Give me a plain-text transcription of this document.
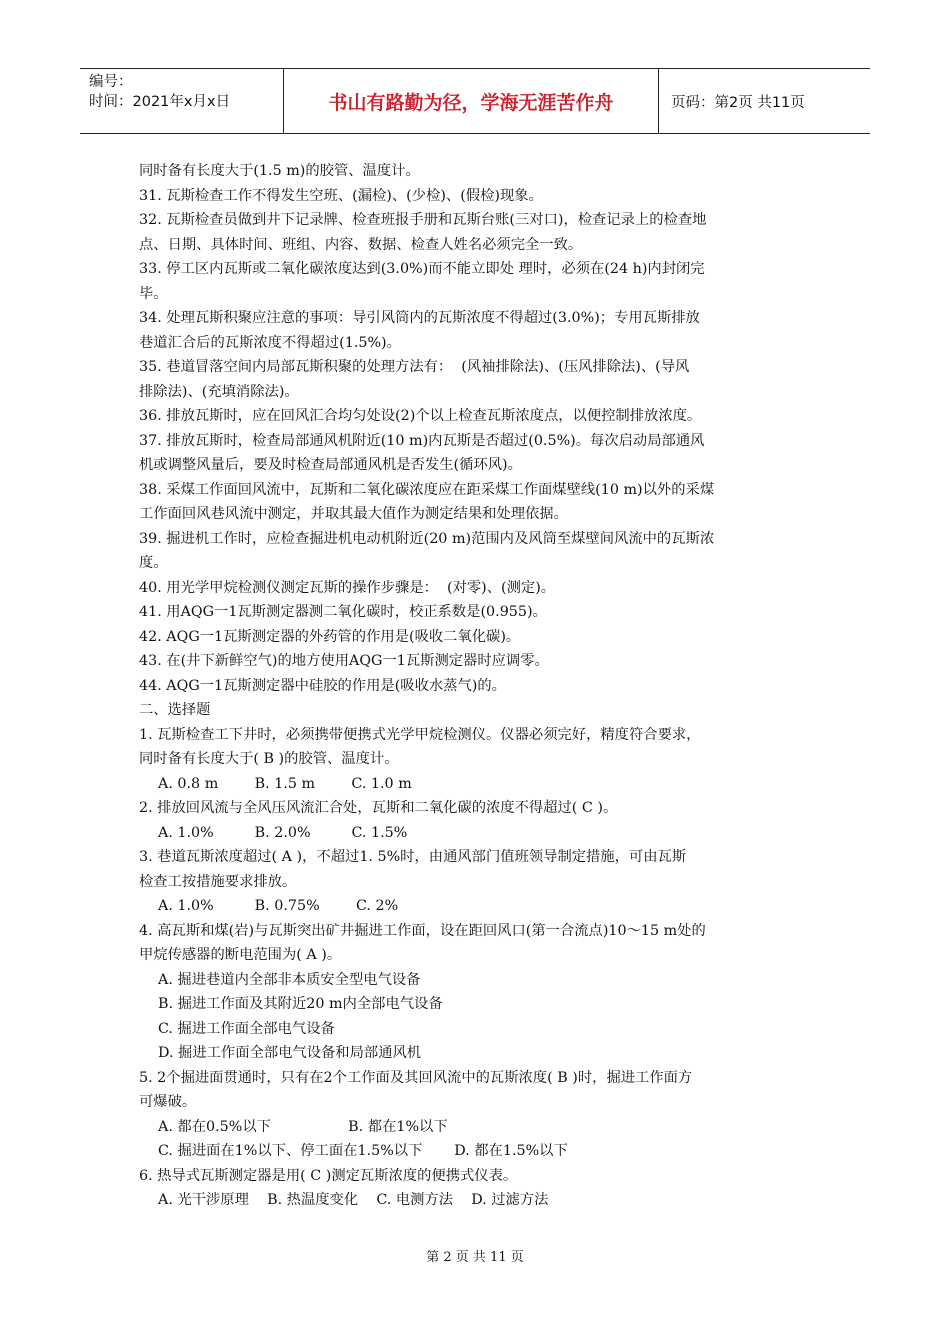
编号：
时间：2021年x月x日	书山有路勤为径，学海无涯苦作舟	页码：第2页 共11页
同时备有长度大于(1.5 m)的胶管、温度计。
31. 瓦斯检查工作不得发生空班、(漏检)、(少检)、(假检)现象。
32. 瓦斯检查员做到井下记录牌、检查班报手册和瓦斯台账(三对口)，检查记录上的检查地
点、日期、具体时间、班组、内容、数据、检查人姓名必须完全一致。
33. 停工区内瓦斯或二氧化碳浓度达到(3.0%)而不能立即处 理时，必须在(24 h)内封闭完
毕。
34. 处理瓦斯积聚应注意的事项：导引风筒内的瓦斯浓度不得超过(3.0%)；专用瓦斯排放
巷道汇合后的瓦斯浓度不得超过(1.5%)。
35. 巷道冒落空间内局部瓦斯积聚的处理方法有：  (风袖排除法)、(压风排除法)、(导风
排除法)、(充填消除法)。
36. 排放瓦斯时，应在回风汇合均匀处设(2)个以上检查瓦斯浓度点，以便控制排放浓度。
37. 排放瓦斯时，检查局部通风机附近(10 m)内瓦斯是否超过(0.5%)。每次启动局部通风
机或调整风量后，要及时检查局部通风机是否发生(循环风)。
38. 采煤工作面回风流中，瓦斯和二氧化碳浓度应在距采煤工作面煤壁线(10 m)以外的采煤
工作面回风巷风流中测定，并取其最大值作为测定结果和处理依据。
39. 掘进机工作时，应检查掘进机电动机附近(20 m)范围内及风筒至煤壁间风流中的瓦斯浓
度。
40. 用光学甲烷检测仪测定瓦斯的操作步骤是：  (对零)、(测定)。
41. 用AQG一1瓦斯测定器测二氧化碳时，校正系数是(0.955)。
42. AQG一1瓦斯测定器的外药管的作用是(吸收二氧化碳)。
43. 在(井下新鲜空气)的地方使用AQG一1瓦斯测定器时应调零。
44. AQG一1瓦斯测定器中硅胶的作用是(吸收水蒸气)的。
二、选择题
1. 瓦斯检查工下井时，必须携带便携式光学甲烷检测仪。仪器必须完好，精度符合要求，
同时备有长度大于( B )的胶管、温度计。
A. 0.8 m        B. 1.5 m        C. 1.0 m
2. 排放回风流与全风压风流汇合处，瓦斯和二氧化碳的浓度不得超过( C )。
A. 1.0%         B. 2.0%         C. 1.5%
3. 巷道瓦斯浓度超过( A )，不超过1. 5%时，由通风部门值班领导制定措施，可由瓦斯
检查工按措施要求排放。
A. 1.0%         B. 0.75%        C. 2%
4. 高瓦斯和煤(岩)与瓦斯突出矿井掘进工作面，设在距回风口(第一合流点)10～15 m处的
甲烷传感器的断电范围为( A )。
A. 掘进巷道内全部非本质安全型电气设备
B. 掘进工作面及其附近20 m内全部电气设备
C. 掘进工作面全部电气设备
D. 掘进工作面全部电气设备和局部通风机
5. 2个掘进面贯通时，只有在2个工作面及其回风流中的瓦斯浓度( B )时，掘进工作面方
可爆破。
A. 都在0.5%以下                 B. 都在1%以下
C. 掘进面在1%以下、停工面在1.5%以下       D. 都在1.5%以下
6. 热导式瓦斯测定器是用( C )测定瓦斯浓度的便携式仪表。
A. 光干涉原理    B. 热温度变化    C. 电测方法    D. 过滤方法
第 2 页 共 11 页
